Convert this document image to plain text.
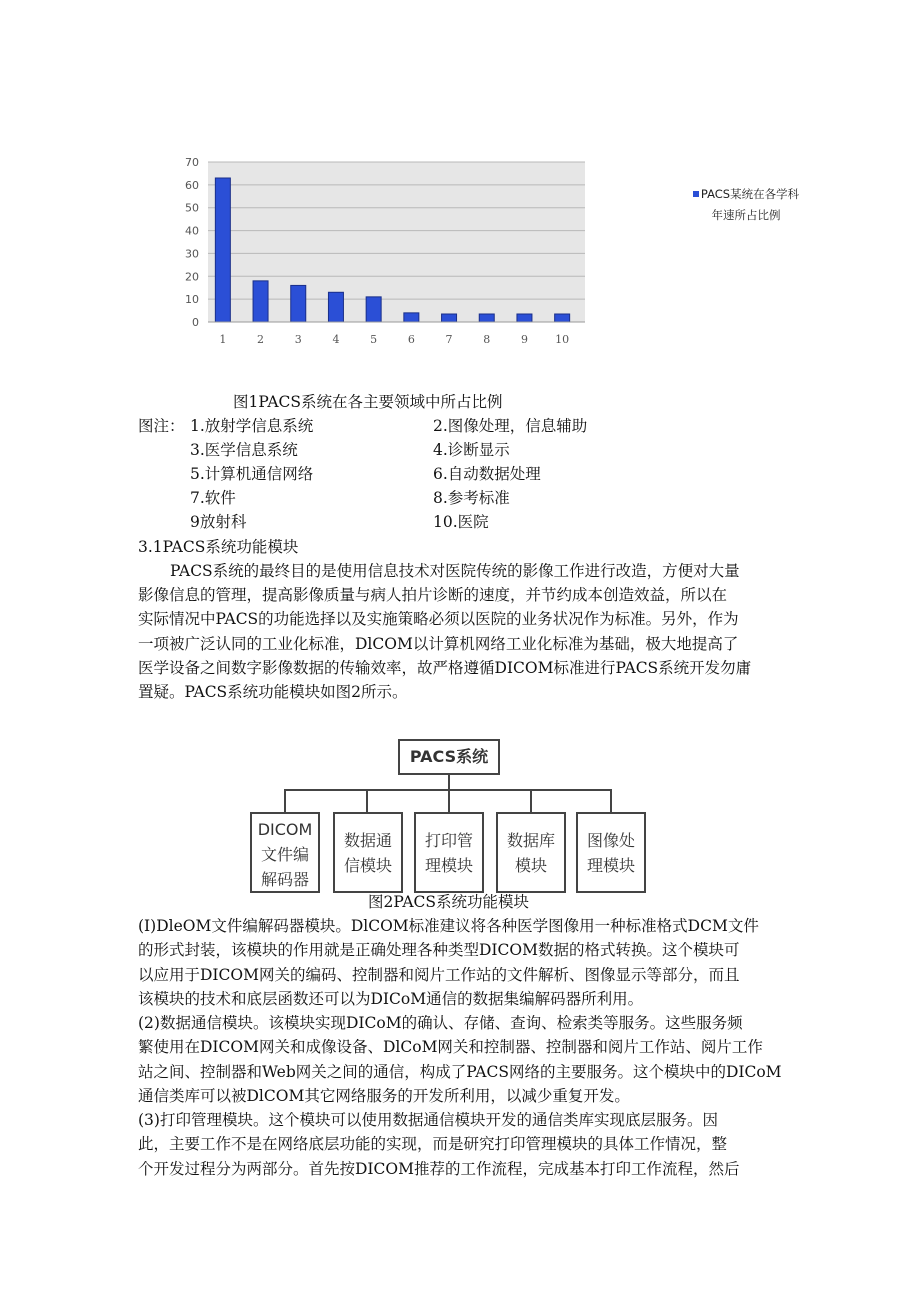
0
10
20
30
40
50
60
70
1	2	3	4	5	6	7	8	9 10
PACS某统在各学科
年速所占比例
图1PACS系统在各主要领域中所占比例
图注： 1.放射学信息系统	2.图像处理，信息辅助
3.医学信息系统	4.诊断显示
5.计算机通信网络	6.自动数据处理
7.软件	8.参考标准
9放射科	10.医院
3.1PACS系统功能模块
PACS系统的最终目的是使用信息技术对医院传统的影像工作进行改造，方便对大量
影像信息的管理，提高影像质量与病人拍片诊断的速度，并节约成本创造效益，所以在
实际情况中PACS的功能选择以及实施策略必须以医院的业务状况作为标准。另外，作为
一项被广泛认同的工业化标准，DlCOM以计算机网络工业化标准为基础，极大地提高了
医学设备之间数字影像数据的传输效率，故严格遵循DICOM标准进行PACS系统开发勿庸
置疑。PACS系统功能模块如图2所示。
PACS系统
DICOM
文件编
解码器
数据通
信模块
打印管
理模块
数据库
模块
图像处
理模块
图2PACS系统功能模块
(I)DleOM文件编解码器模块。DlCOM标准建议将各种医学图像用一种标准格式DCM文件
的形式封装，该模块的作用就是正确处理各种类型DICOM数据的格式转换。这个模块可
以应用于DICOM网关的编码、控制器和阅片工作站的文件解析、图像显示等部分，而且
该模块的技术和底层函数还可以为DICoM通信的数据集编解码器所利用。
(2)数据通信模块。该模块实现DICoM的确认、存储、查询、检索类等服务。这些服务频
繁使用在DICOM网关和成像设备、DlCoM网关和控制器、控制器和阅片工作站、阅片工作
站之间、控制器和Web网关之间的通信，构成了PACS网络的主要服务。这个模块中的DICoM
通信类库可以被DlCOM其它网络服务的开发所利用，以减少重复开发。
(3)打印管理模块。这个模块可以使用数据通信模块开发的通信类库实现底层服务。因
此，主要工作不是在网络底层功能的实现，而是研究打印管理模块的具体工作情况，整
个开发过程分为两部分。首先按DICOM推荐的工作流程，完成基本打印工作流程，然后
